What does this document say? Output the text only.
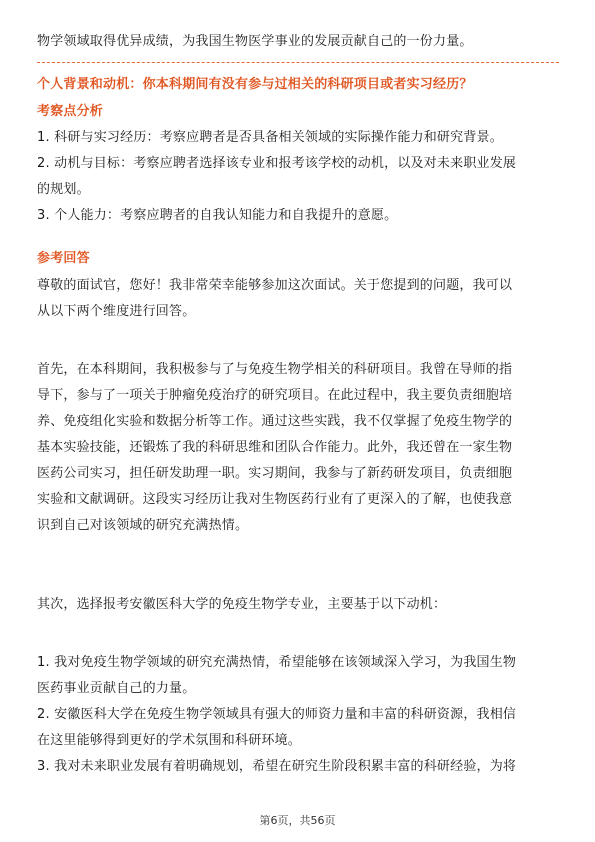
物学领域取得优异成绩，为我国生物医学事业的发展贡献自己的一份力量。
个人背景和动机：你本科期间有没有参与过相关的科研项目或者实习经历？
考察点分析
1. 科研与实习经历：考察应聘者是否具备相关领域的实际操作能力和研究背景。
2. 动机与目标：考察应聘者选择该专业和报考该学校的动机，以及对未来职业发展
的规划。
3. 个人能力：考察应聘者的自我认知能力和自我提升的意愿。
参考回答
尊敬的面试官，您好！我非常荣幸能够参加这次面试。关于您提到的问题，我可以
从以下两个维度进行回答。
首先，在本科期间，我积极参与了与免疫生物学相关的科研项目。我曾在导师的指
导下，参与了一项关于肿瘤免疫治疗的研究项目。在此过程中，我主要负责细胞培
养、免疫组化实验和数据分析等工作。通过这些实践，我不仅掌握了免疫生物学的
基本实验技能，还锻炼了我的科研思维和团队合作能力。此外，我还曾在一家生物
医药公司实习，担任研发助理一职。实习期间，我参与了新药研发项目，负责细胞
实验和文献调研。这段实习经历让我对生物医药行业有了更深入的了解，也使我意
识到自己对该领域的研究充满热情。
其次，选择报考安徽医科大学的免疫生物学专业，主要基于以下动机：
1. 我对免疫生物学领域的研究充满热情，希望能够在该领域深入学习，为我国生物
医药事业贡献自己的力量。
2. 安徽医科大学在免疫生物学领域具有强大的师资力量和丰富的科研资源，我相信
在这里能够得到更好的学术氛围和科研环境。
3. 我对未来职业发展有着明确规划，希望在研究生阶段积累丰富的科研经验，为将
第6页，共56页
